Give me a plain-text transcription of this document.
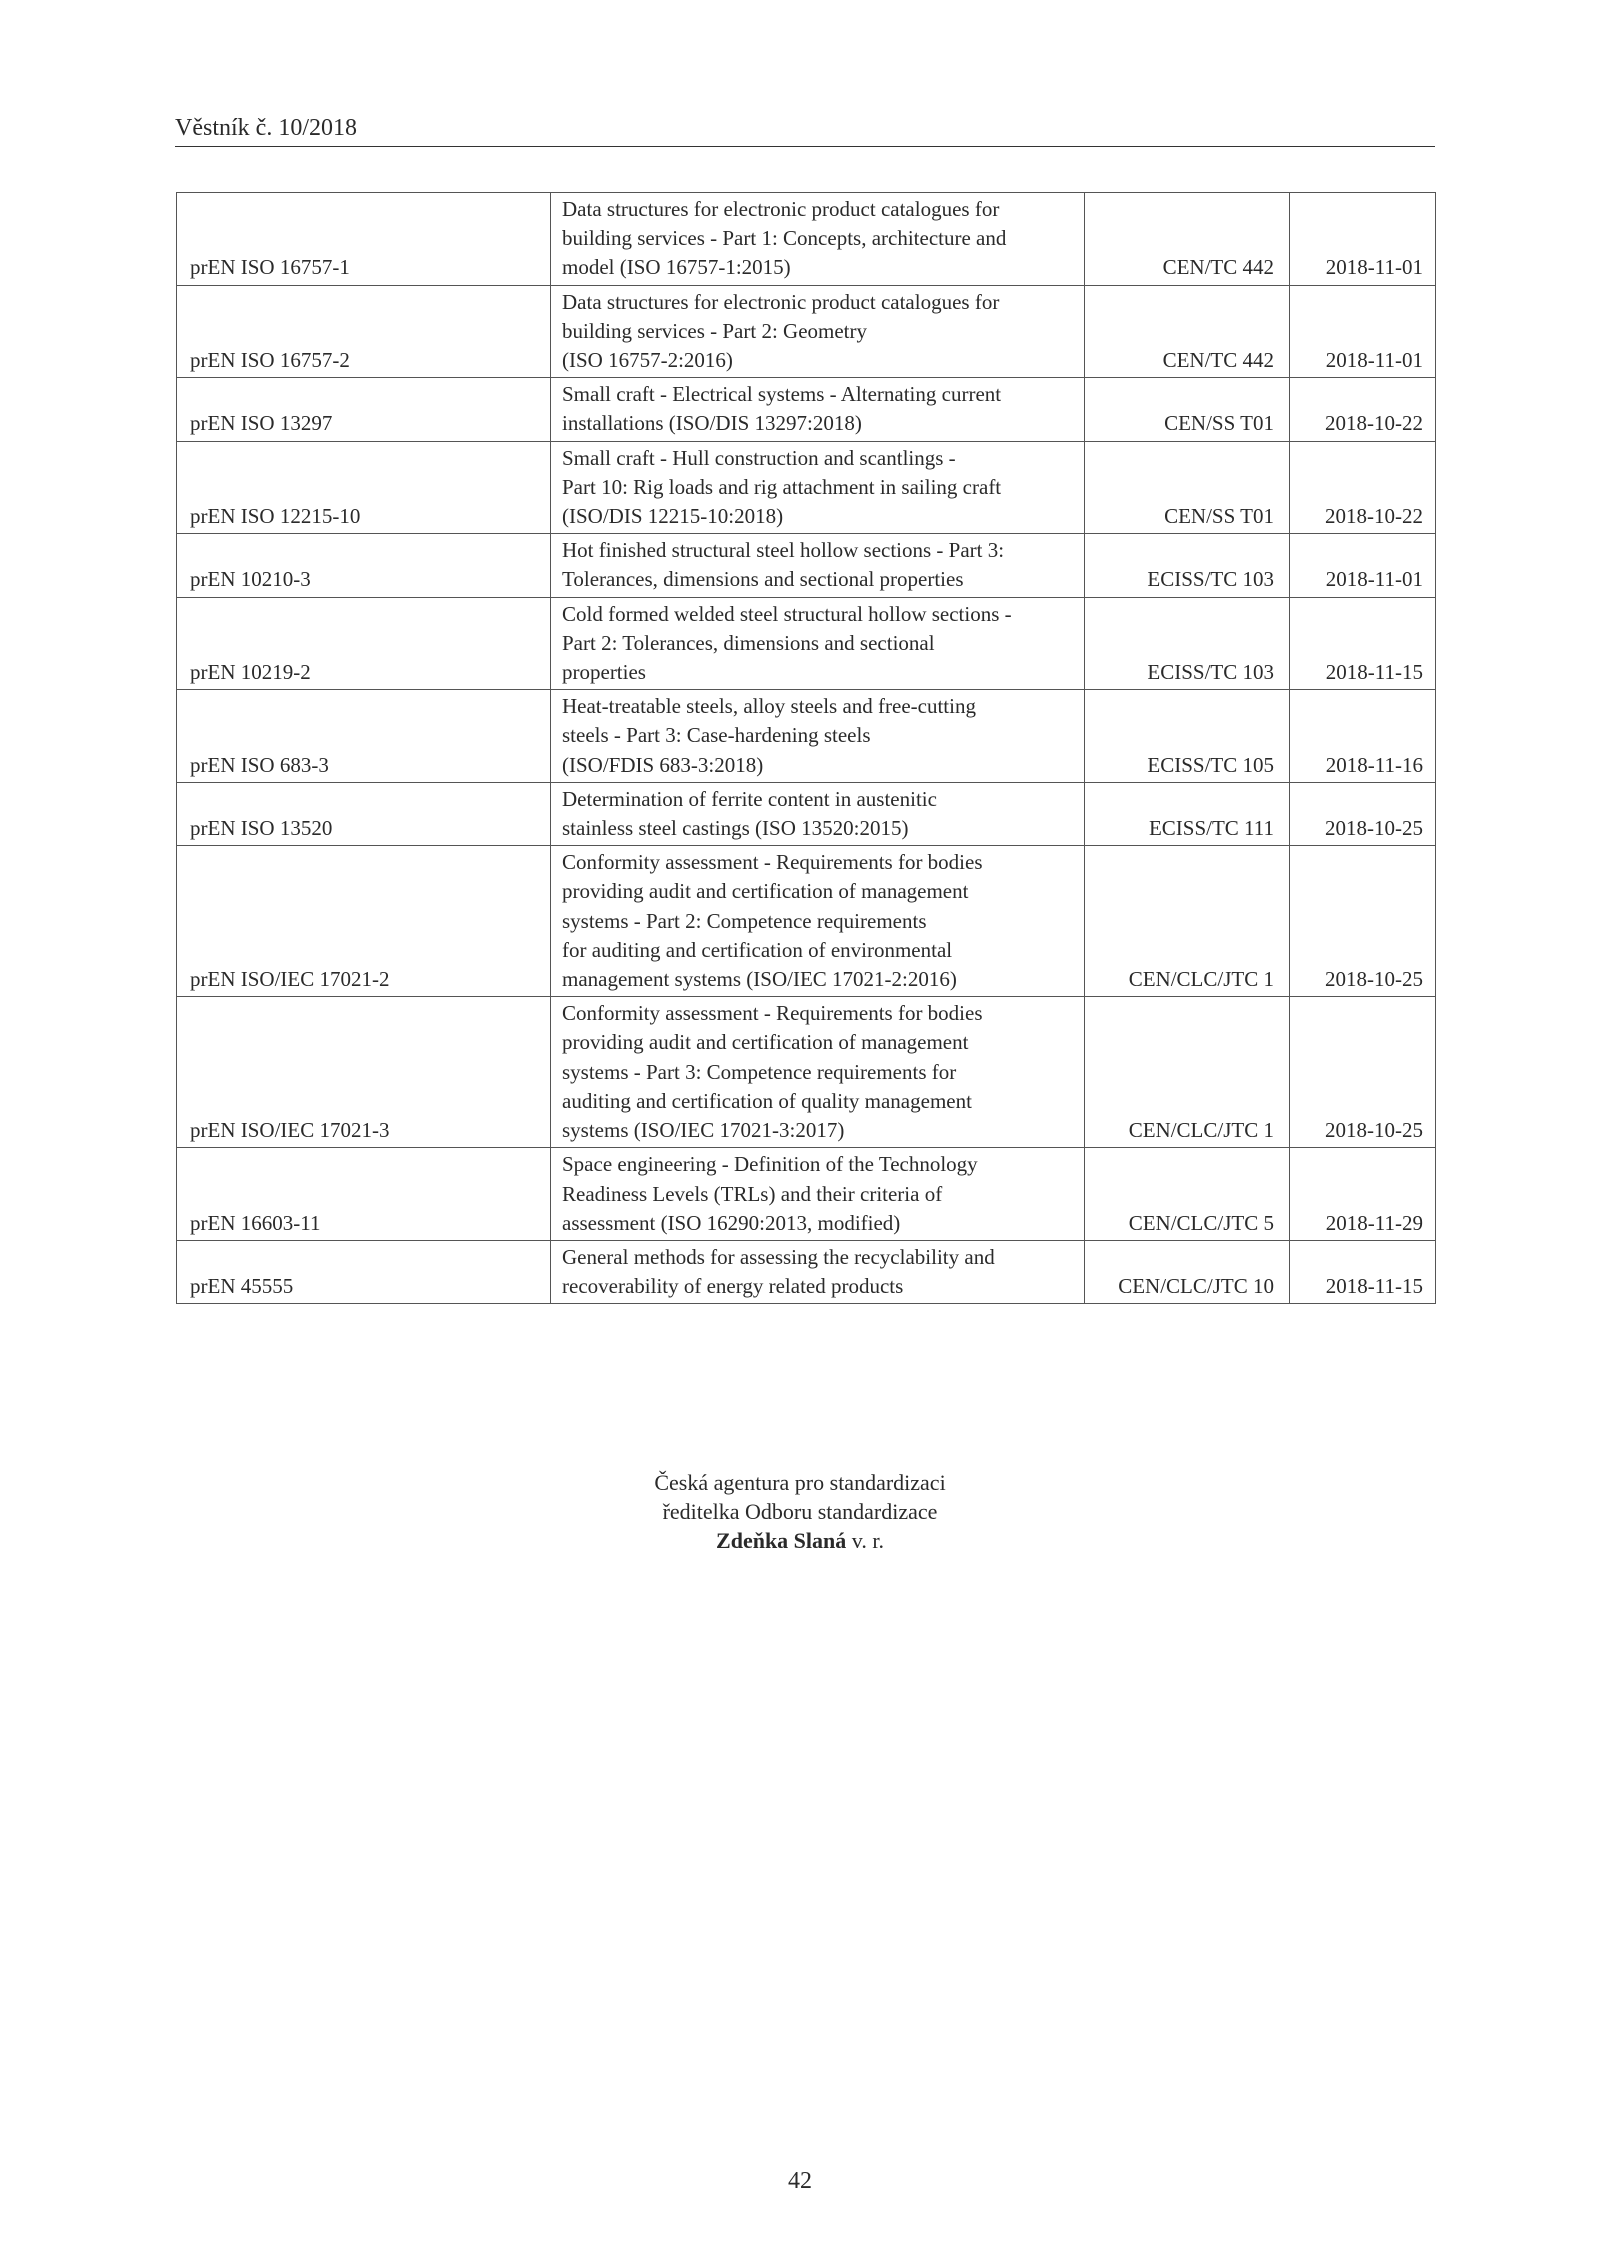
Věstník č. 10/2018
prEN ISO 16757-1	Data structures for electronic product catalogues for
building services - Part 1: Concepts, architecture and
model (ISO 16757-1:2015)	CEN/TC 442	2018-11-01
prEN ISO 16757-2	Data structures for electronic product catalogues for
building services - Part 2: Geometry
(ISO 16757-2:2016)	CEN/TC 442	2018-11-01
prEN ISO 13297	Small craft - Electrical systems - Alternating current
installations (ISO/DIS 13297:2018)	CEN/SS T01	2018-10-22
prEN ISO 12215-10	Small craft - Hull construction and scantlings -
Part 10: Rig loads and rig attachment in sailing craft
(ISO/DIS 12215-10:2018)	CEN/SS T01	2018-10-22
prEN 10210-3	Hot finished structural steel hollow sections - Part 3:
Tolerances, dimensions and sectional properties	ECISS/TC 103	2018-11-01
prEN 10219-2	Cold formed welded steel structural hollow sections -
Part 2: Tolerances, dimensions and sectional
properties	ECISS/TC 103	2018-11-15
prEN ISO 683-3	Heat-treatable steels, alloy steels and free-cutting
steels - Part 3: Case-hardening steels
(ISO/FDIS 683-3:2018)	ECISS/TC 105	2018-11-16
prEN ISO 13520	Determination of ferrite content in austenitic
stainless steel castings (ISO 13520:2015)	ECISS/TC 111	2018-10-25
prEN ISO/IEC 17021-2	Conformity assessment - Requirements for bodies
providing audit and certification of management
systems - Part 2: Competence requirements
for auditing and certification of environmental
management systems (ISO/IEC 17021-2:2016)	CEN/CLC/JTC 1	2018-10-25
prEN ISO/IEC 17021-3	Conformity assessment - Requirements for bodies
providing audit and certification of management
systems - Part 3: Competence requirements for
auditing and certification of quality management
systems (ISO/IEC 17021-3:2017)	CEN/CLC/JTC 1	2018-10-25
prEN 16603-11	Space engineering - Definition of the Technology
Readiness Levels (TRLs) and their criteria of
assessment (ISO 16290:2013, modified)	CEN/CLC/JTC 5	2018-11-29
prEN 45555	General methods for assessing the recyclability and
recoverability of energy related products	CEN/CLC/JTC 10	2018-11-15
Česká agentura pro standardizaci
ředitelka Odboru standardizace
Zdeňka Slaná v. r.
42
